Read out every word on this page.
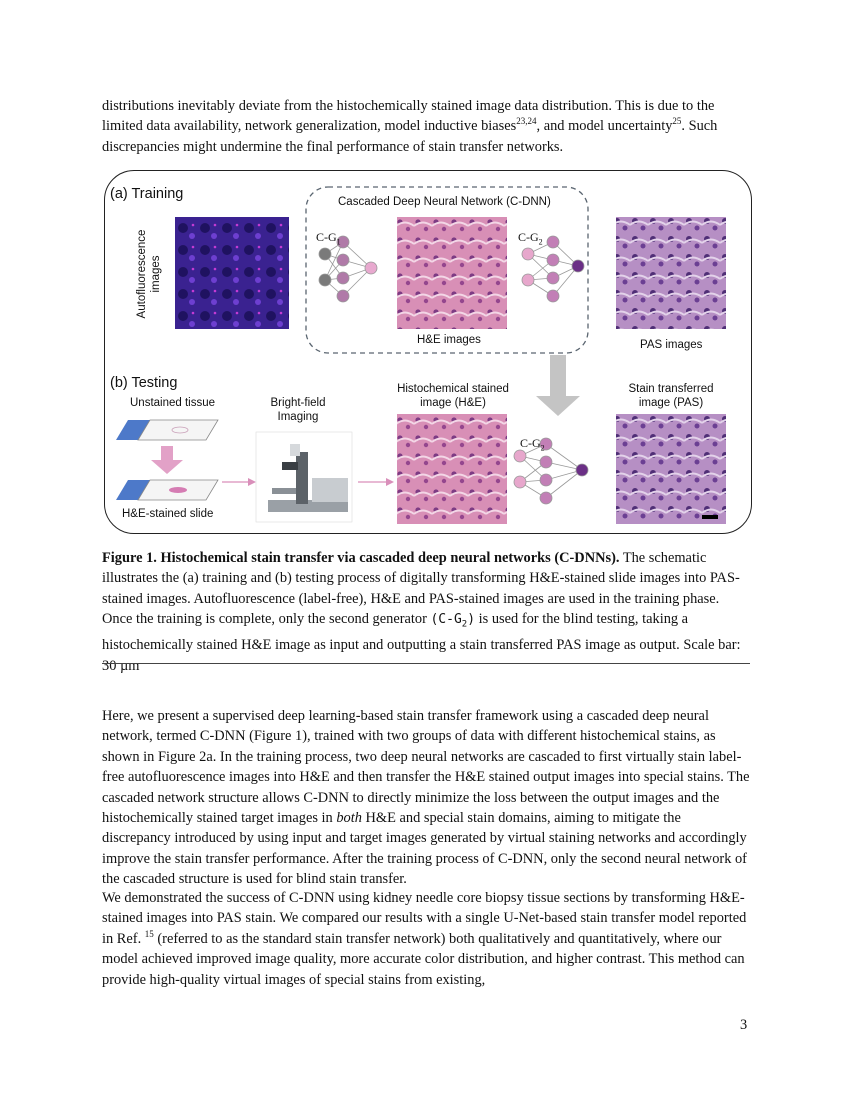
distributions inevitably deviate from the histochemically stained image data distribution. This is due to the limited data availability, network generalization, model inductive biases$^{23,24}$, and model uncertainty$^{25}$. Such discrepancies might undermine the final performance of stain transfer networks.
(a) Training
(b) Testing
Cascaded Deep Neural Network (C-DNN)
Autofluorescence images
$C-G_1$	$C-G_2$
$C-G_2$
H&E images	PAS images
Unstained tissue	Bright-field
Imaging
Histochemical stained
image (H&E)
Stain transferred
image (PAS)
H&E-stained slide
Figure 1. Histochemical stain transfer via cascaded deep neural networks (C-DNNs). The schematic illustrates the (a) training and (b) testing process of digitally transforming H&E-stained slide images into PAS-stained images. Autofluorescence (label-free), H&E and PAS-stained images are used in the training phase. Once the training is complete, only the second generator $(C-G_2)$ is used for the blind testing, taking a histochemically stained H&E image as input and outputting a stain transferred PAS image as output. Scale bar: 30 µm
Here, we present a supervised deep learning-based stain transfer framework using a cascaded deep neural network, termed C-DNN (Figure 1), trained with two groups of data with different histochemical stains, as shown in Figure 2a. In the training process, two deep neural networks are cascaded to first virtually stain label-free autofluorescence images into H&E and then transfer the H&E stained output images into special stains. The cascaded network structure allows C-DNN to directly minimize the loss between the output images and the histochemically stained target images in both H&E and special stain domains, aiming to mitigate the discrepancy introduced by using input and target images generated by virtual staining networks and accordingly improve the stain transfer performance. After the training process of C-DNN, only the second neural network of the cascaded structure is used for blind stain transfer.
We demonstrated the success of C-DNN using kidney needle core biopsy tissue sections by transforming H&E-stained images into PAS stain. We compared our results with a single U-Net-based stain transfer model reported in Ref. $^{15}$ (referred to as the standard stain transfer network) both qualitatively and quantitatively, where our model achieved improved image quality, more accurate color distribution, and higher contrast. This method can provide high-quality virtual images of special stains from existing,
3
